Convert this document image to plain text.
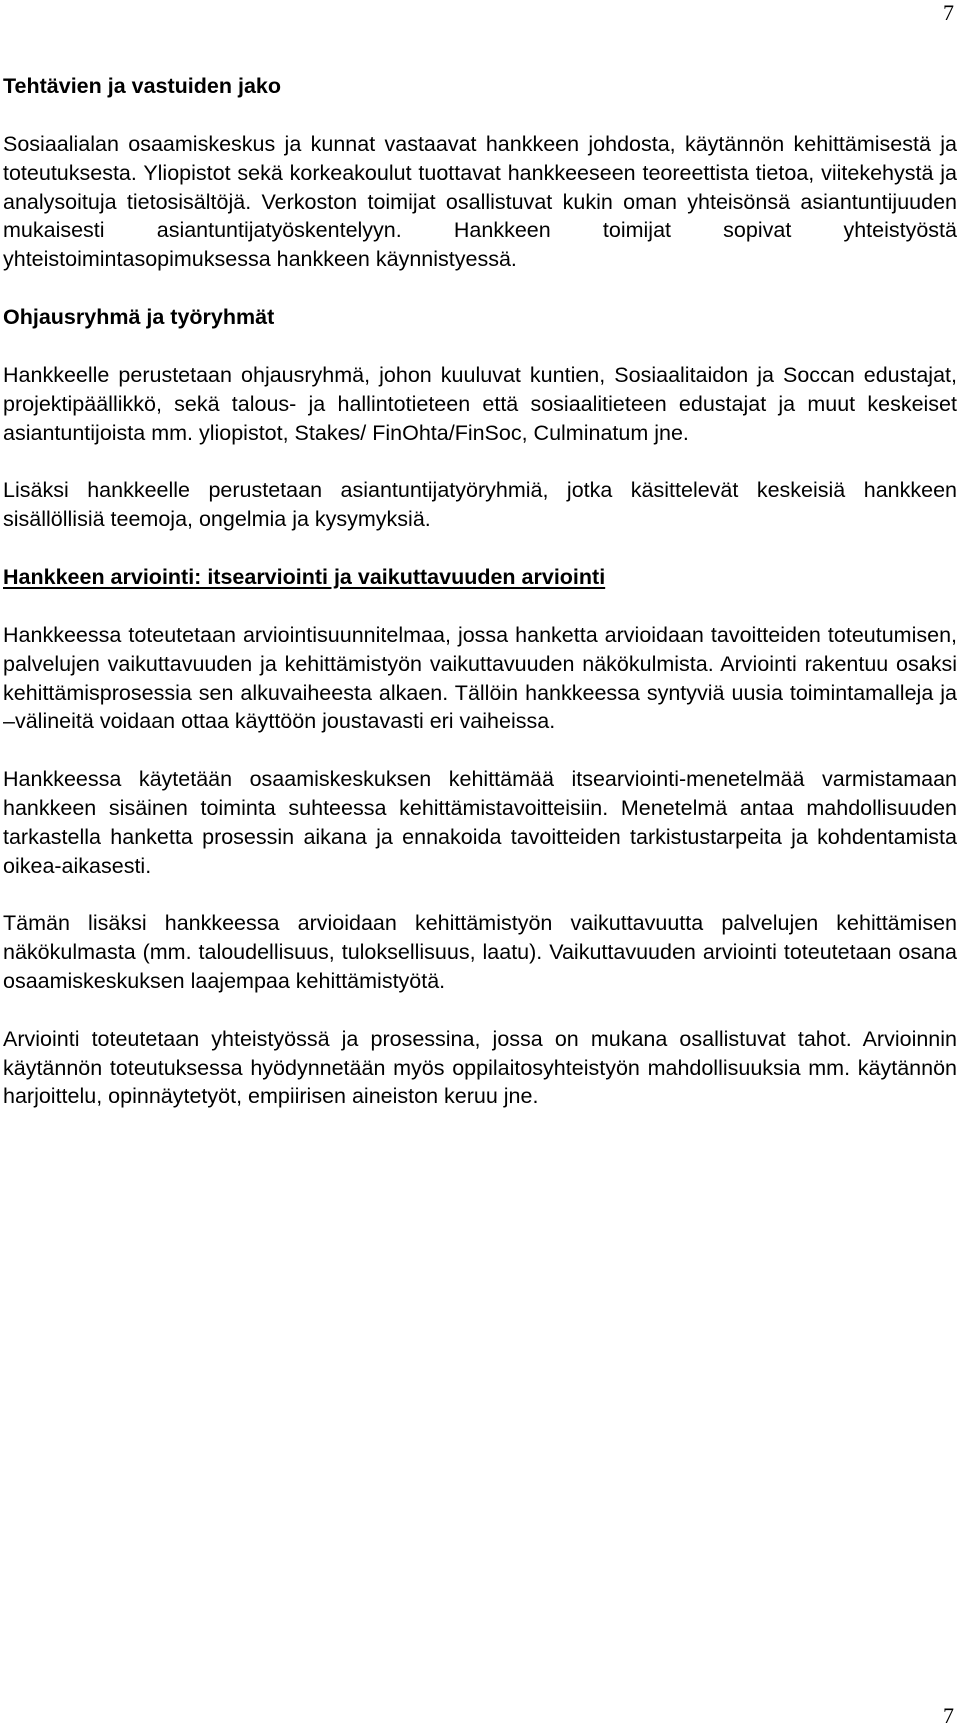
7
Tehtävien ja vastuiden jako

Sosiaalialan osaamiskeskus ja kunnat vastaavat hankkeen johdosta, käytännön kehittämisestä ja toteutuksesta. Yliopistot sekä korkeakoulut tuottavat hankkeeseen teoreettista tietoa, viitekehystä ja analysoituja tietosisältöjä. Verkoston toimijat osallistuvat kukin oman yhteisönsä asiantuntijuuden mukaisesti asiantuntijatyöskentelyyn. Hankkeen toimijat sopivat yhteistyöstä yhteistoimintasopimuksessa hankkeen käynnistyessä.

Ohjausryhmä ja työryhmät

Hankkeelle perustetaan ohjausryhmä, johon kuuluvat kuntien, Sosiaalitaidon ja Soccan edustajat, projektipäällikkö, sekä talous- ja hallintotieteen että sosiaalitieteen edustajat ja muut keskeiset asiantuntijoista mm. yliopistot, Stakes/ FinOhta/FinSoc, Culminatum jne.

Lisäksi hankkeelle perustetaan asiantuntijatyöryhmiä, jotka käsittelevät keskeisiä hankkeen sisällöllisiä teemoja, ongelmia ja kysymyksiä.

Hankkeen arviointi: itsearviointi ja vaikuttavuuden arviointi

Hankkeessa toteutetaan arviointisuunnitelmaa, jossa hanketta arvioidaan tavoitteiden toteutumisen, palvelujen vaikuttavuuden ja kehittämistyön vaikuttavuuden näkökulmista. Arviointi rakentuu osaksi kehittämisprosessia sen alkuvaiheesta alkaen. Tällöin hankkeessa syntyviä uusia toimintamalleja ja –välineitä voidaan ottaa käyttöön joustavasti eri vaiheissa.

Hankkeessa käytetään osaamiskeskuksen kehittämää itsearviointi-menetelmää varmistamaan hankkeen sisäinen toiminta suhteessa kehittämistavoitteisiin. Menetelmä antaa mahdollisuuden tarkastella hanketta prosessin aikana ja ennakoida tavoitteiden tarkistustarpeita ja kohdentamista oikea-aikasesti.

Tämän lisäksi hankkeessa arvioidaan kehittämistyön vaikuttavuutta palvelujen kehittämisen näkökulmasta (mm. taloudellisuus, tuloksellisuus, laatu). Vaikuttavuuden arviointi toteutetaan osana osaamiskeskuksen laajempaa kehittämistyötä.

Arviointi toteutetaan yhteistyössä ja prosessina, jossa on mukana osallistuvat tahot. Arvioinnin käytännön toteutuksessa hyödynnetään myös oppilaitosyhteistyön mahdollisuuksia mm. käytännön harjoittelu, opinnäytetyöt, empiirisen aineiston keruu jne.

7
